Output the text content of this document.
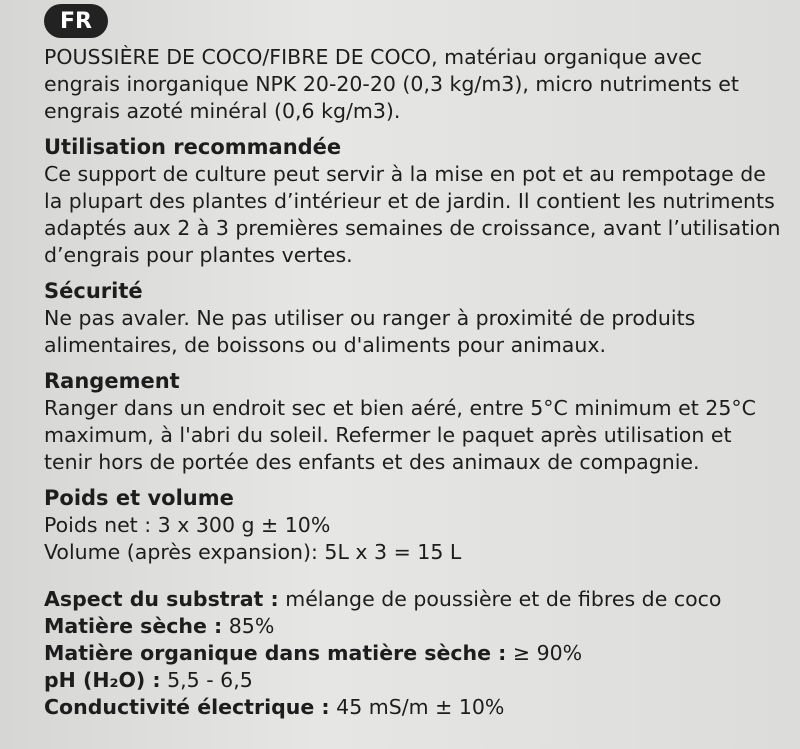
FR

POUSSIÈRE DE COCO/FIBRE DE COCO, matériau organique avec engrais inorganique NPK 20-20-20 (0,3 kg/m3), micro nutriments et engrais azoté minéral (0,6 kg/m3).

Utilisation recommandée

Ce support de culture peut servir à la mise en pot et au rempotage de la plupart des plantes d’intérieur et de jardin. Il contient les nutriments adaptés aux 2 à 3 premières semaines de croissance, avant l’utilisation d’engrais pour plantes vertes.

Sécurité

Ne pas avaler. Ne pas utiliser ou ranger à proximité de produits alimentaires, de boissons ou d'aliments pour animaux.

Rangement

Ranger dans un endroit sec et bien aéré, entre 5°C minimum et 25°C maximum, à l'abri du soleil. Refermer le paquet après utilisation et tenir hors de portée des enfants et des animaux de compagnie.

Poids et volume

Poids net : 3 x 300 g ± 10%

Volume (après expansion): 5L x 3 = 15 L

Aspect du substrat : mélange de poussière et de fibres de coco
Matière sèche : 85%
Matière organique dans matière sèche : ≥ 90%
pH (H₂O) : 5,5 - 6,5
Conductivité électrique : 45 mS/m ± 10%
